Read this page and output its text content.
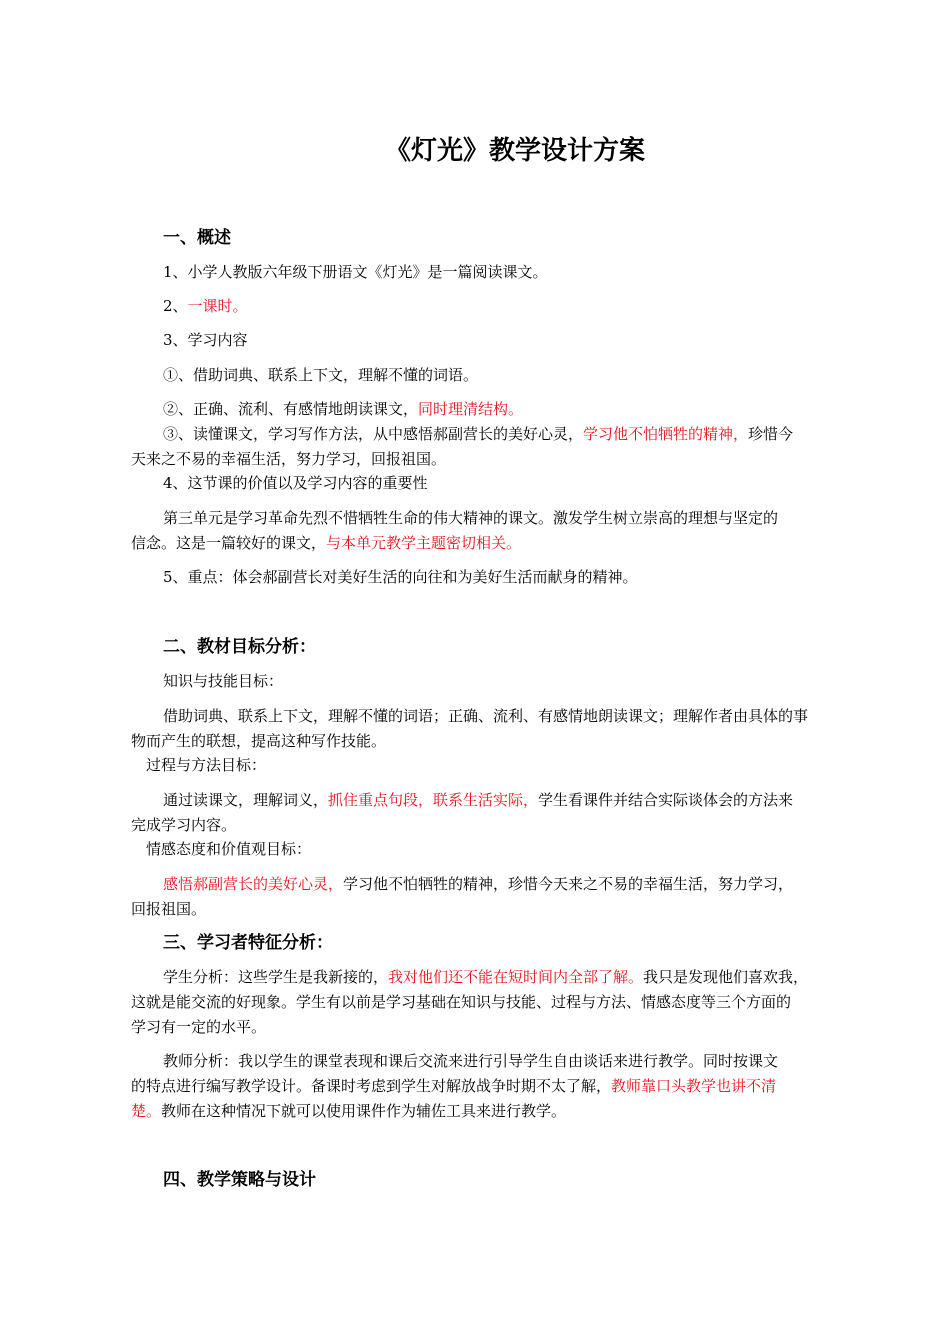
《灯光》教学设计方案
一、概述
1、小学人教版六年级下册语文《灯光》是一篇阅读课文。
2、一课时。
3、学习内容
①、借助词典、联系上下文，理解不懂的词语。
②、正确、流利、有感情地朗读课文，同时理清结构。
③、读懂课文，学习写作方法，从中感悟郝副营长的美好心灵，学习他不怕牺牲的精神，珍惜今
天来之不易的幸福生活，努力学习，回报祖国。
4、这节课的价值以及学习内容的重要性
第三单元是学习革命先烈不惜牺牲生命的伟大精神的课文。激发学生树立崇高的理想与坚定的
信念。这是一篇较好的课文，与本单元教学主题密切相关。
5、重点：体会郝副营长对美好生活的向往和为美好生活而献身的精神。
二、教材目标分析：
知识与技能目标：
借助词典、联系上下文，理解不懂的词语；正确、流利、有感情地朗读课文；理解作者由具体的事
物而产生的联想，提高这种写作技能。
过程与方法目标：
通过读课文，理解词义，抓住重点句段，联系生活实际，学生看课件并结合实际谈体会的方法来
完成学习内容。
情感态度和价值观目标：
感悟郝副营长的美好心灵，学习他不怕牺牲的精神，珍惜今天来之不易的幸福生活，努力学习，
回报祖国。
三、学习者特征分析：
学生分析：这些学生是我新接的，我对他们还不能在短时间内全部了解。我只是发现他们喜欢我，
这就是能交流的好现象。学生有以前是学习基础在知识与技能、过程与方法、情感态度等三个方面的
学习有一定的水平。
教师分析：我以学生的课堂表现和课后交流来进行引导学生自由谈话来进行教学。同时按课文
的特点进行编写教学设计。备课时考虑到学生对解放战争时期不太了解，教师靠口头教学也讲不清
楚。教师在这种情况下就可以使用课件作为辅佐工具来进行教学。
四、教学策略与设计
